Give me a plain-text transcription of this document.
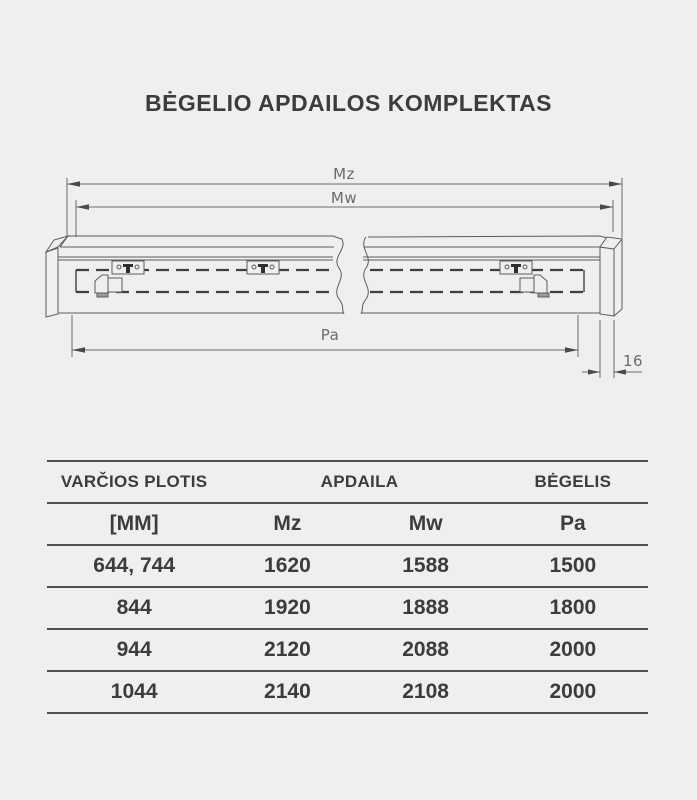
BĖGELIO APDAILOS KOMPLEKTAS
Mz
Mw
Pa
16
VARČIOS PLOTIS	APDAILA		BĖGELIS
[MM]	Mz	Mw	Pa
644, 744	1620	1588	1500
844	1920	1888	1800
944	2120	2088	2000
1044	2140	2108	2000
